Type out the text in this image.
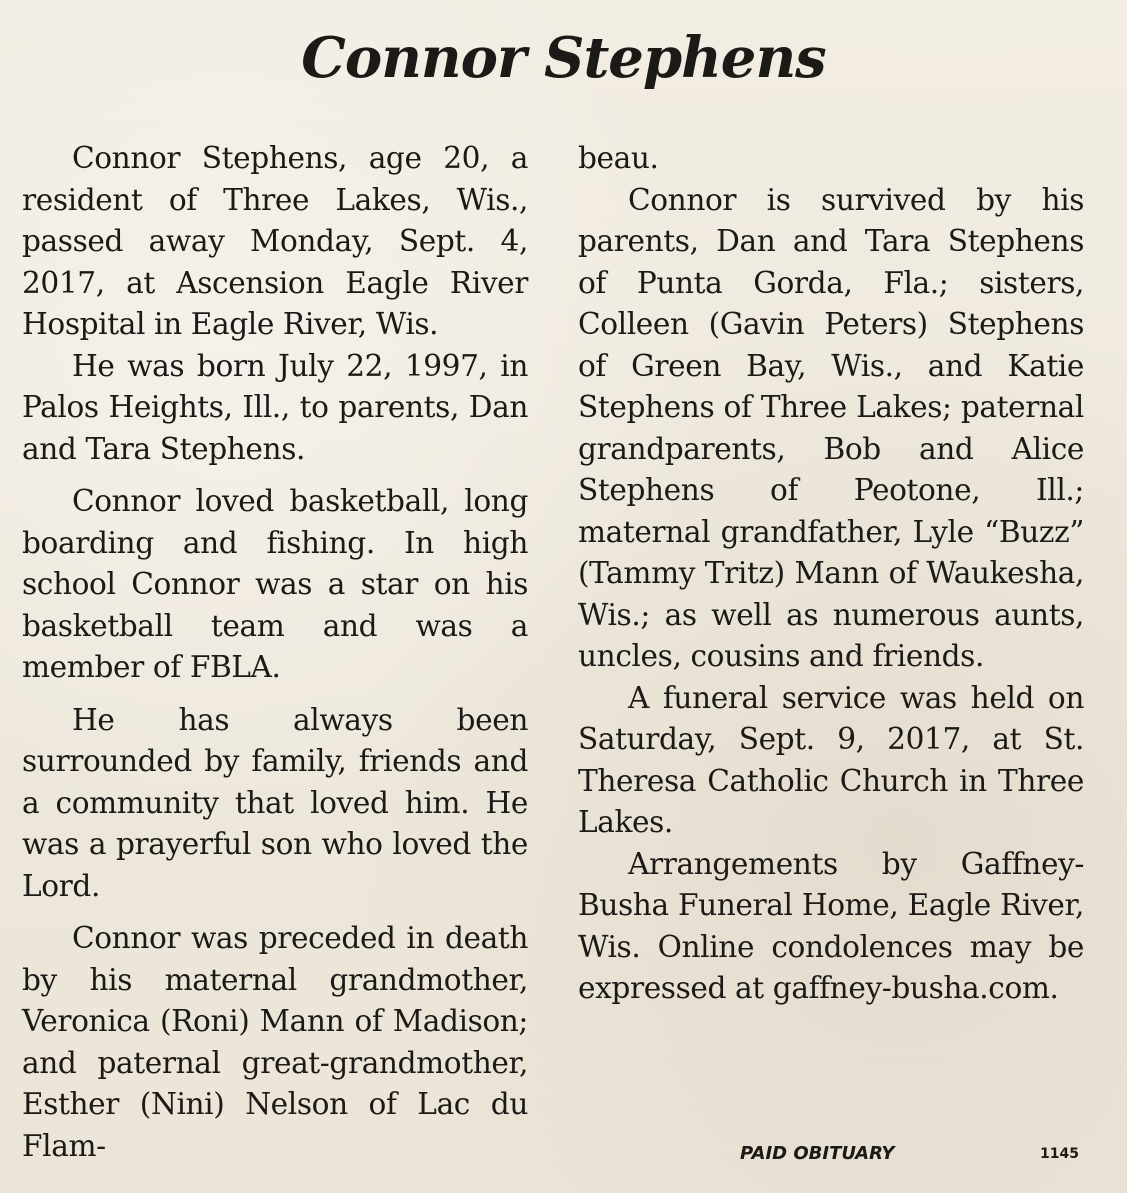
Connor Stephens

Connor Stephens, age 20, a resident of Three Lakes, Wis., passed away Monday, Sept. 4, 2017, at Ascension Eagle River Hospital in Eagle River, Wis.

He was born July 22, 1997, in Palos Heights, Ill., to parents, Dan and Tara Stephens.

Connor loved basketball, long boarding and fishing. In high school Connor was a star on his basketball team and was a member of FBLA.

He has always been surrounded by family, friends and a community that loved him. He was a prayerful son who loved the Lord.

Connor was preceded in death by his maternal grandmother, Veronica (Roni) Mann of Madison; and paternal great-grandmother, Esther (Nini) Nelson of Lac du Flam-

beau.

Connor is survived by his parents, Dan and Tara Stephens of Punta Gorda, Fla.; sisters, Colleen (Gavin Peters) Stephens of Green Bay, Wis., and Katie Stephens of Three Lakes; paternal grandparents, Bob and Alice Stephens of Peotone, Ill.; maternal grandfather, Lyle “Buzz” (Tammy Tritz) Mann of Waukesha, Wis.; as well as numerous aunts, uncles, cousins and friends.

A funeral service was held on Saturday, Sept. 9, 2017, at St. Theresa Catholic Church in Three Lakes.

Arrangements by Gaffney-Busha Funeral Home, Eagle River, Wis. Online condolences may be expressed at gaffney-busha.com.

PAID OBITUARY	1145
